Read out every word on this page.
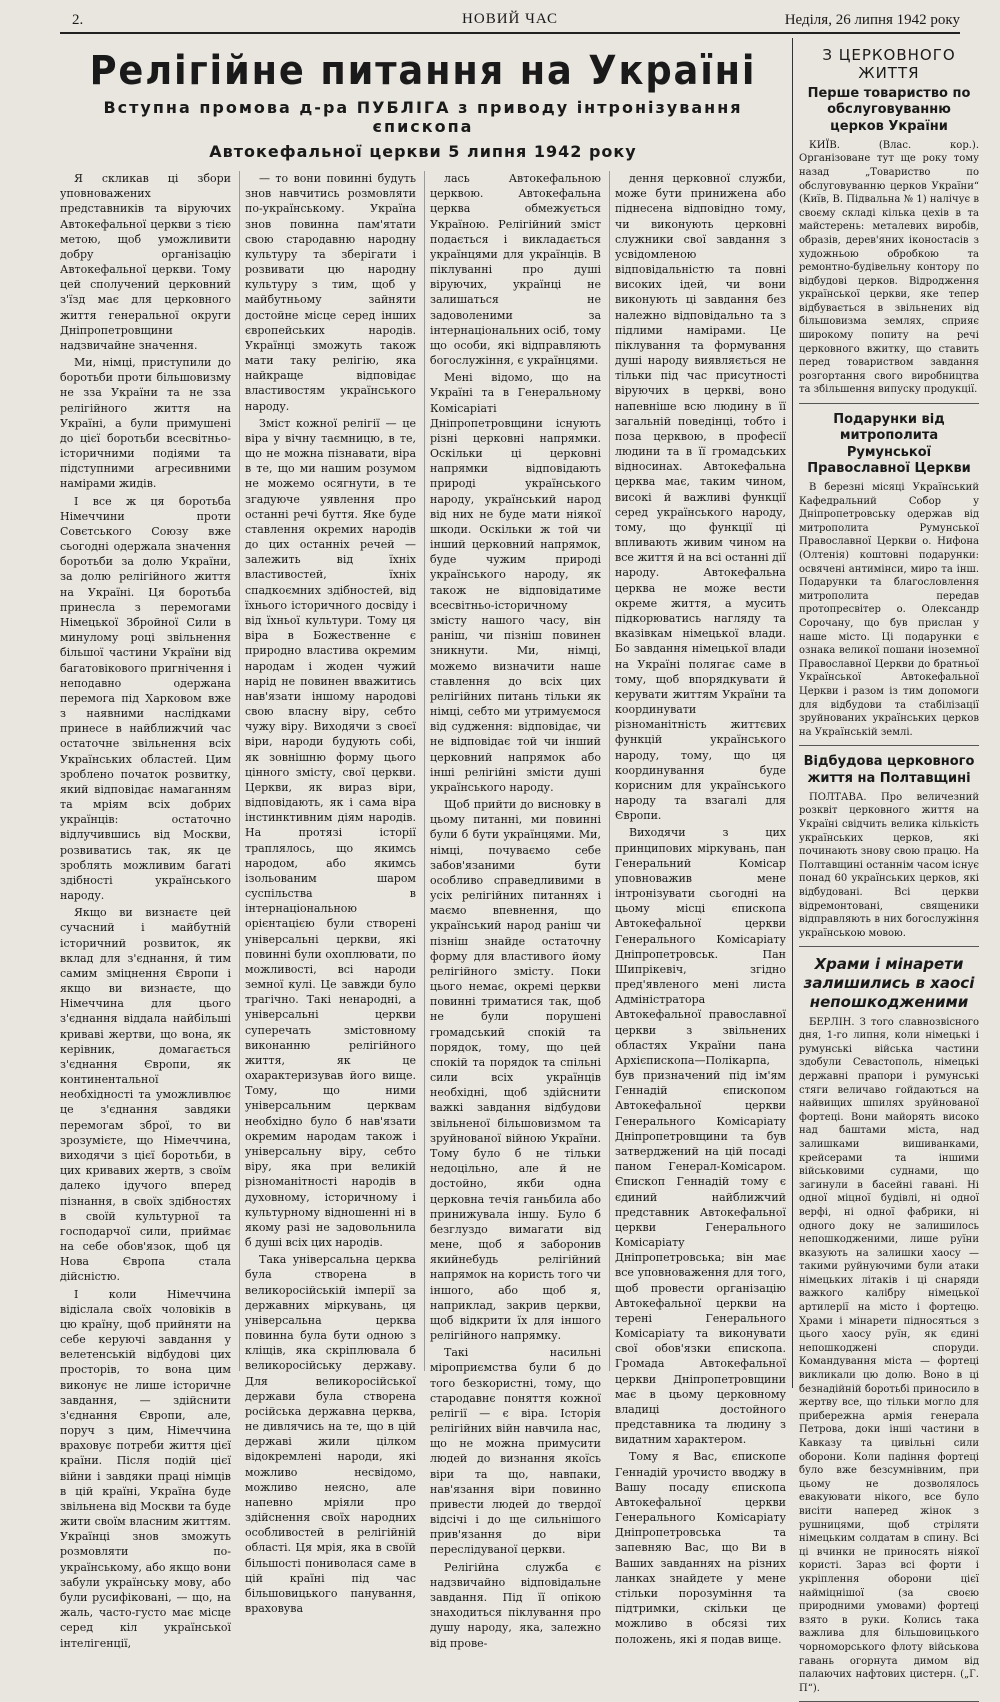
2.	НОВИЙ ЧАС	Неділя, 26 липня 1942 року
Релігійне питання на Україні
Вступна промова д-ра ПУБЛІГА з приводу інтронізування єпископа
Автокефальної церкви 5 липня 1942 року

Я скликав ці збори уповноважених представників та віруючих Автокефальної церкви з тією метою, щоб уможливити добру організацію Автокефальної церкви. Тому цей сполучений церковний з'їзд має для церковного життя генеральної округи Дніпропетровщини надзвичайне значення.

Ми, німці, приступили до боротьби проти більшовизму не зза України та не зза релігійного життя на Україні, а були примушені до цієї боротьби всесвітньо-історичними подіями та підступними агресивними намірами жидів.

І все ж ця боротьба Німеччини проти Совєтського Союзу вже сьогодні одержала значення боротьби за долю України, за долю релігійного життя на Україні. Ця боротьба принесла з перемогами Німецької Збройної Сили в минулому році звільнення більшої частини України від багатовікового пригнічення і неподавно одержана перемога під Харковом вже з наявними наслідками принесе в найближчий час остаточне звільнення всіх Українських областей. Цим зроблено початок розвитку, який відповідає намаганням та мріям всіх добрих українців: остаточно відлучившись від Москви, розвиватись так, як це зроблять можливим багаті здібності українського народу.

Якщо ви визнаєте цей сучасний і майбутній історичний розвиток, як вклад для з'єднання, й тим самим зміцнення Європи і якщо ви визнаєте, що Німеччина для цього з'єднання віддала найбільші криваві жертви, що вона, як керівник, домагається з'єднання Європи, як континентальної необхідності та уможливлює це з'єднання завдяки перемогам зброї, то ви зрозумієте, що Німеччина, виходячи з цієї боротьби, в цих кривавих жертв, з своїм далеко ідучого вперед пізнання, в своїх здібностях в своїй культурної та господарчої сили, приймає на себе обов'язок, щоб ця Нова Європа стала дійсністю.

І коли Німеччина відіслала своїх чоловіків в цю країну, щоб прийняти на себе керуючі завдання у велетенській відбудові цих просторів, то вона цим виконує не лише історичне завдання, — здійснити з'єднання Європи, але, поруч з цим, Німеччина враховує потреби життя цієї країни. Після подій цієї війни і завдяки праці німців в цій країні, Україна буде звільнена від Москви та буде жити своїм власним життям. Українці знов зможуть розмовляти по-українському, або якщо вони забули українську мову, або були русифіковані, — що, на жаль, часто-густо має місце серед кіл української інтелігенції,

— то вони повинні будуть знов навчитись розмовляти по-українському. Україна знов повинна пам'ятати свою стародавню народну культуру та зберігати і розвивати цю народну культуру з тим, щоб у майбутньому зайняти достойне місце серед інших європейських народів. Українці зможуть також мати таку релігію, яка найкраще відповідає властивостям українського народу.

Зміст кожної релігії — це віра у вічну таємницю, в те, що не можна пізнавати, віра в те, що ми нашим розумом не можемо осягнути, в те згадуюче уявлення про останні речі буття. Яке буде ставлення окремих народів до цих останніх речей — залежить від їхніх властивостей, їхніх спадкоємних здібностей, від їхнього історичного досвіду і від їхньої культури. Тому ця віра в Божественне є природно властива окремим народам і жоден чужий нарід не повинен вважитись нав'язати іншому народові свою власну віру, себто чужу віру. Виходячи з своєї віри, народи будують собі, як зовнішню форму цього цінного змісту, свої церкви. Церкви, як вираз віри, відповідають, як і сама віра інстинктивним діям народів. На протязі історії траплялось, що якимсь народом, або якимсь ізольованим шаром суспільства в інтернаціональною орієнтацією були створені універсальні церкви, які повинні були охоплювати, по можливості, всі народи земної кулі. Це завжди було трагічно. Такі ненародні, а універсальні церкви суперечать змістовному виконанню релігійного життя, як це охарактеризував його вище. Тому, що ними універсальним церквам необхідно було б нав'язати окремим народам також і універсальну віру, себто віру, яка при великій різноманітності народів в духовному, історичному і культурному відношенні ні в якому разі не задовольнила б душі всіх цих народів.

Така універсальна церква була створена в великоросійській імперії за державних міркувань, ця універсальна церква повинна була бути одною з кліщів, яка скріплювала б великоросійську державу. Для великоросійської держави була створена російська державна церква, не дивлячись на те, що в цій державі жили цілком відокремлені народи, які можливо несвідомо, можливо неясно, але напевно мріяли про здійснення своїх народних особливостей в релігійній області. Ця мрія, яка в своїй більшості пониволася саме в цій країні під час більшовицького панування, враховува

лась Автокефальною церквою. Автокефальна церква обмежується Україною. Релігійний зміст подається і викладається українцями для українців. В піклуванні про душі віруючих, українці не залишаться не задоволеними за інтернаціональних осіб, тому що особи, які відправляють богослужіння, є українцями.

Мені відомо, що на Україні та в Генеральному Комісаріаті Дніпропетровщини існують різні церковні напрямки. Оскільки ці церковні напрямки відповідають природі українського народу, український народ від них не буде мати ніякої шкоди. Оскільки ж той чи інший церковний напрямок, буде чужим природі українського народу, як також не відповідатиме всесвітньо-історичному змісту нашого часу, він раніш, чи пізніш повинен зникнути. Ми, німці, можемо визначити наше ставлення до всіх цих релігійних питань тільки як німці, себто ми утримуємося від судження: відповідає, чи не відповідає той чи інший церковний напрямок або інші релігійні змісти душі українського народу.

Щоб прийти до висновку в цьому питанні, ми повинні були б бути українцями. Ми, німці, почуваємо себе забов'язаними бути особливо справедливими в усіх релігійних питаннях і маємо впевнення, що український народ раніш чи пізніш знайде остаточну форму для властивого йому релігійного змісту. Поки цього немає, окремі церкви повинні триматися так, щоб не були порушені громадський спокій та порядок, тому, що цей спокій та порядок та спільні сили всіх українців необхідні, щоб здійснити важкі завдання відбудови звільненої більшовизмом та зруйнованої війною України. Тому було б не тільки недоцільно, але й не достойно, якби одна церковна течія ганьбила або принижувала іншу. Було б безглуздо вимагати від мене, щоб я заборонив якийнебудь релігійний напрямок на користь того чи іншого, або щоб я, наприклад, закрив церкви, щоб відкрити їх для іншого релігійного напрямку.

Такі насильні міроприємства були б до того безкористні, тому, що стародавнє поняття кожної релігії — є віра. Історія релігійних війн навчила нас, що не можна примусити людей до визнання якоїсь віри та що, навпаки, нав'язання віри повинно привести людей до твердої відсічі і до ще сильнішого прив'язання до віри переслідуваної церкви.

Релігійна служба є надзвичайно відповідальне завдання. Під її опікою знаходиться піклування про душу народу, яка, залежно від прове-

дення церковної служби, може бути принижена або піднесена відповідно тому, чи виконують церковні служники свої завдання з усвідомленою відповідальністю та повні високих ідей, чи вони виконують ці завдання без належно відповідально та з підлими намірами. Це піклування та формування душі народу виявляється не тільки під час присутності віруючих в церкві, воно напевніше всю людину в її загальній поведінці, тобто і поза церквою, в професії людини та в її громадських відносинах. Автокефальна церква має, таким чином, високі й важливі функції серед українського народу, тому, що функції ці впливають живим чином на все життя й на всі останні дії народу. Автокефальна церква не може вести окреме життя, а мусить підкорюватись нагляду та вказівкам німецької влади. Бо завдання німецької влади на Україні полягає саме в тому, щоб впорядкувати й керувати життям України та координувати різноманітність життєвих функцій українського народу, тому, що ця координування буде корисним для українського народу та взагалі для Європи.

Виходячи з цих принципових міркувань, пан Генеральний Комісар уповноважив мене інтронізувати сьогодні на цьому місці єпископа Автокефальної церкви Генерального Комісаріату Дніпропетровськ. Пан Шипрікевіч, згідно пред'явленого мені листа Адміністратора Автокефальної православної церкви з звільнених областях України пана Архієпископа—Полікарпа, був призначений під ім'ям Геннадій єпископом Автокефальної церкви Генерального Комісаріату Дніпропетровщини та був затверджений на цій посаді паном Генерал-Комісаром. Єпископ Геннадій тому є єдиний найближчий представник Автокефальної церкви Генерального Комісаріату Дніпропетровська; він має все уповноваження для того, щоб провести організацію Автокефальної церкви на терені Генерального Комісаріату та виконувати свої обов'язки єпископа. Громада Автокефальної церкви Дніпропетровщини має в цьому церковному владиці достойного представника та людину з видатним характером.

Тому я Вас, єпископе Геннадій урочисто вводжу в Вашу посаду єпископа Автокефальної церкви Генерального Комісаріату Дніпропетровська та запевняю Вас, що Ви в Ваших завданнях на різних ланках знайдете у мене стільки порозуміння та підтримки, скільки це можливо в обсязі тих положень, які я подав вище.

З ЦЕРКОВНОГО ЖИТТЯ
Перше товариство по обслуговуванню церков України

КИЇВ. (Влас. кор.). Організоване тут ще року тому назад „Товариство по обслуговуванню церков України“ (Київ, В. Підвальна № 1) налічує в своєму складі кілька цехів в та майстерень: металевих виробів, образів, дерев'яних іконостасів з художньою обробкою та ремонтно-будівельну контору по відбудові церков. Відродження української церкви, яке тепер відбувається в звільнених від більшовизма землях, сприяє широкому попиту на речі церковного вжитку, що ставить перед товариством завдання розгортання свого виробництва та збільшення випуску продукції.

Подарунки від митрополита Румунської Православної Церкви

В березні місяці Український Кафедральний Собор у Дніпропетровську одержав від митрополита Румунської Православної Церкви о. Нифона (Олтенія) коштовні подарунки: освячені антимінси, миро та інш. Подарунки та благословлення митрополита передав протопресвітер о. Олександр Сорочану, що був прислан у наше місто. Ці подарунки є ознака великої пошани іноземної Православної Церкви до братньої Української Автокефальної Церкви і разом із тим допомоги для відбудови та стабілізації зруйнованих українських церков на Українській землі.

Відбудова церковного життя на Полтавщині

ПОЛТАВА. Про величезний розквіт церковного життя на Україні свідчить велика кількість українських церков, які починають знову свою працю. На Полтавщині останнім часом існує понад 60 українських церков, які відбудовані. Всі церкви відремонтовані, священики відправляють в них богослужіння українською мовою.

Храми і мінарети залишились в хаосі непошкодженими

БЕРЛІН. З того славнозвісного дня, 1-го липня, коли німецькі і румунські війська частини здобули Севастополь, німецькі державні прапори і румунські стяги величаво гойдаються на найвищих шпилях зруйнованої фортеці. Вони майорять високо над баштами міста, над залишками вишиванками, крейсерами та іншими військовими суднами, що загинули в басейні гавані. Ні одної міцної будівлі, ні одної верфі, ні одної фабрики, ні одного доку не залишилось непошкодженими, лише руїни вказують на залишки хаосу — такими руйнуючими були атаки німецьких літаків і ці снаряди важкого калібру німецької артилерії на місто і фортецю. Храми і мінарети підносяться з цього хаосу руїн, як єдині непошкоджені споруди. Командування міста — фортеці викликали цю долю. Воно в ці безнадійній боротьбі приносило в жертву все, що тільки могло для прибережна армія генерала Петрова, доки інші частини в Кавказу та цивільні сили оборони. Коли падіння фортеці було вже безсумнівним, при цьому не дозволялось евакуювати нікого, все було висіти наперед жінок з рушницями, щоб стріляти німецьким солдатам в спину. Всі ці вчинки не приносять ніякої користі. Зараз всі форти і укріплення оборони цієї найміцнішої (за своєю природними умовами) фортеці взято в руки. Колись така важлива для більшовицького чорноморського флоту військова гавань огорнута димом від палаючих нафтових цистерн. („Г. П“).
